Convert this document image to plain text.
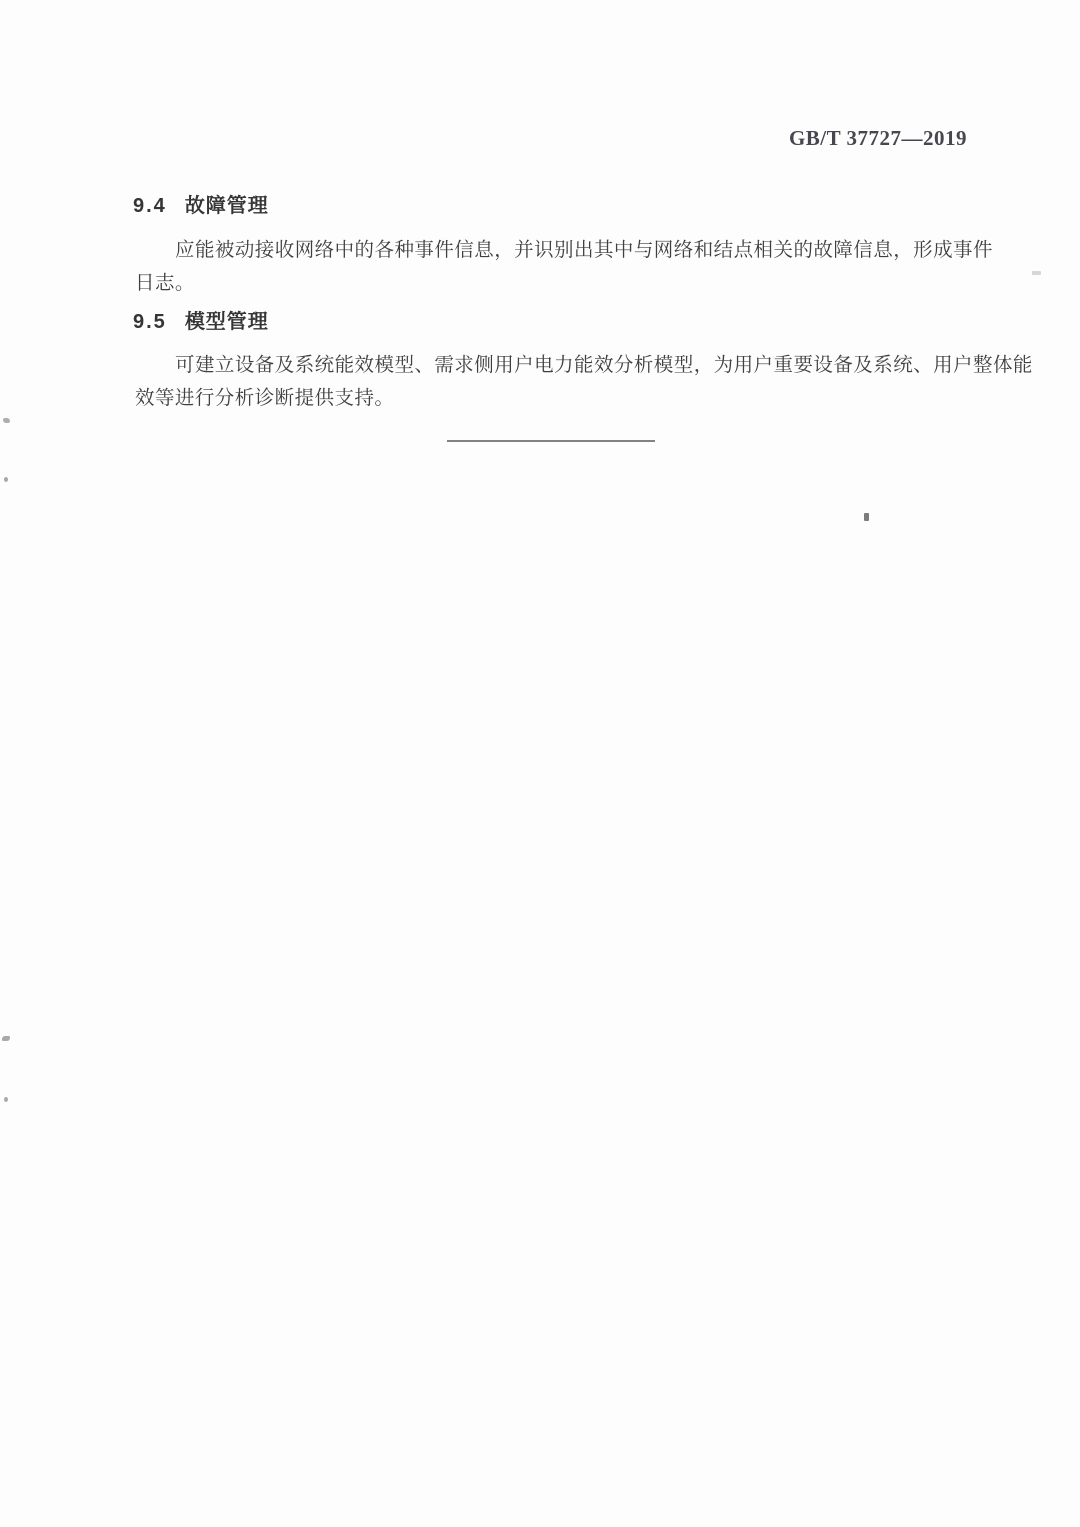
GB/T 37727—2019
9.4 故障管理
应能被动接收网络中的各种事件信息，并识别出其中与网络和结点相关的故障信息，形成事件
日志。
9.5 模型管理
可建立设备及系统能效模型、需求侧用户电力能效分析模型，为用户重要设备及系统、用户整体能
效等进行分析诊断提供支持。
